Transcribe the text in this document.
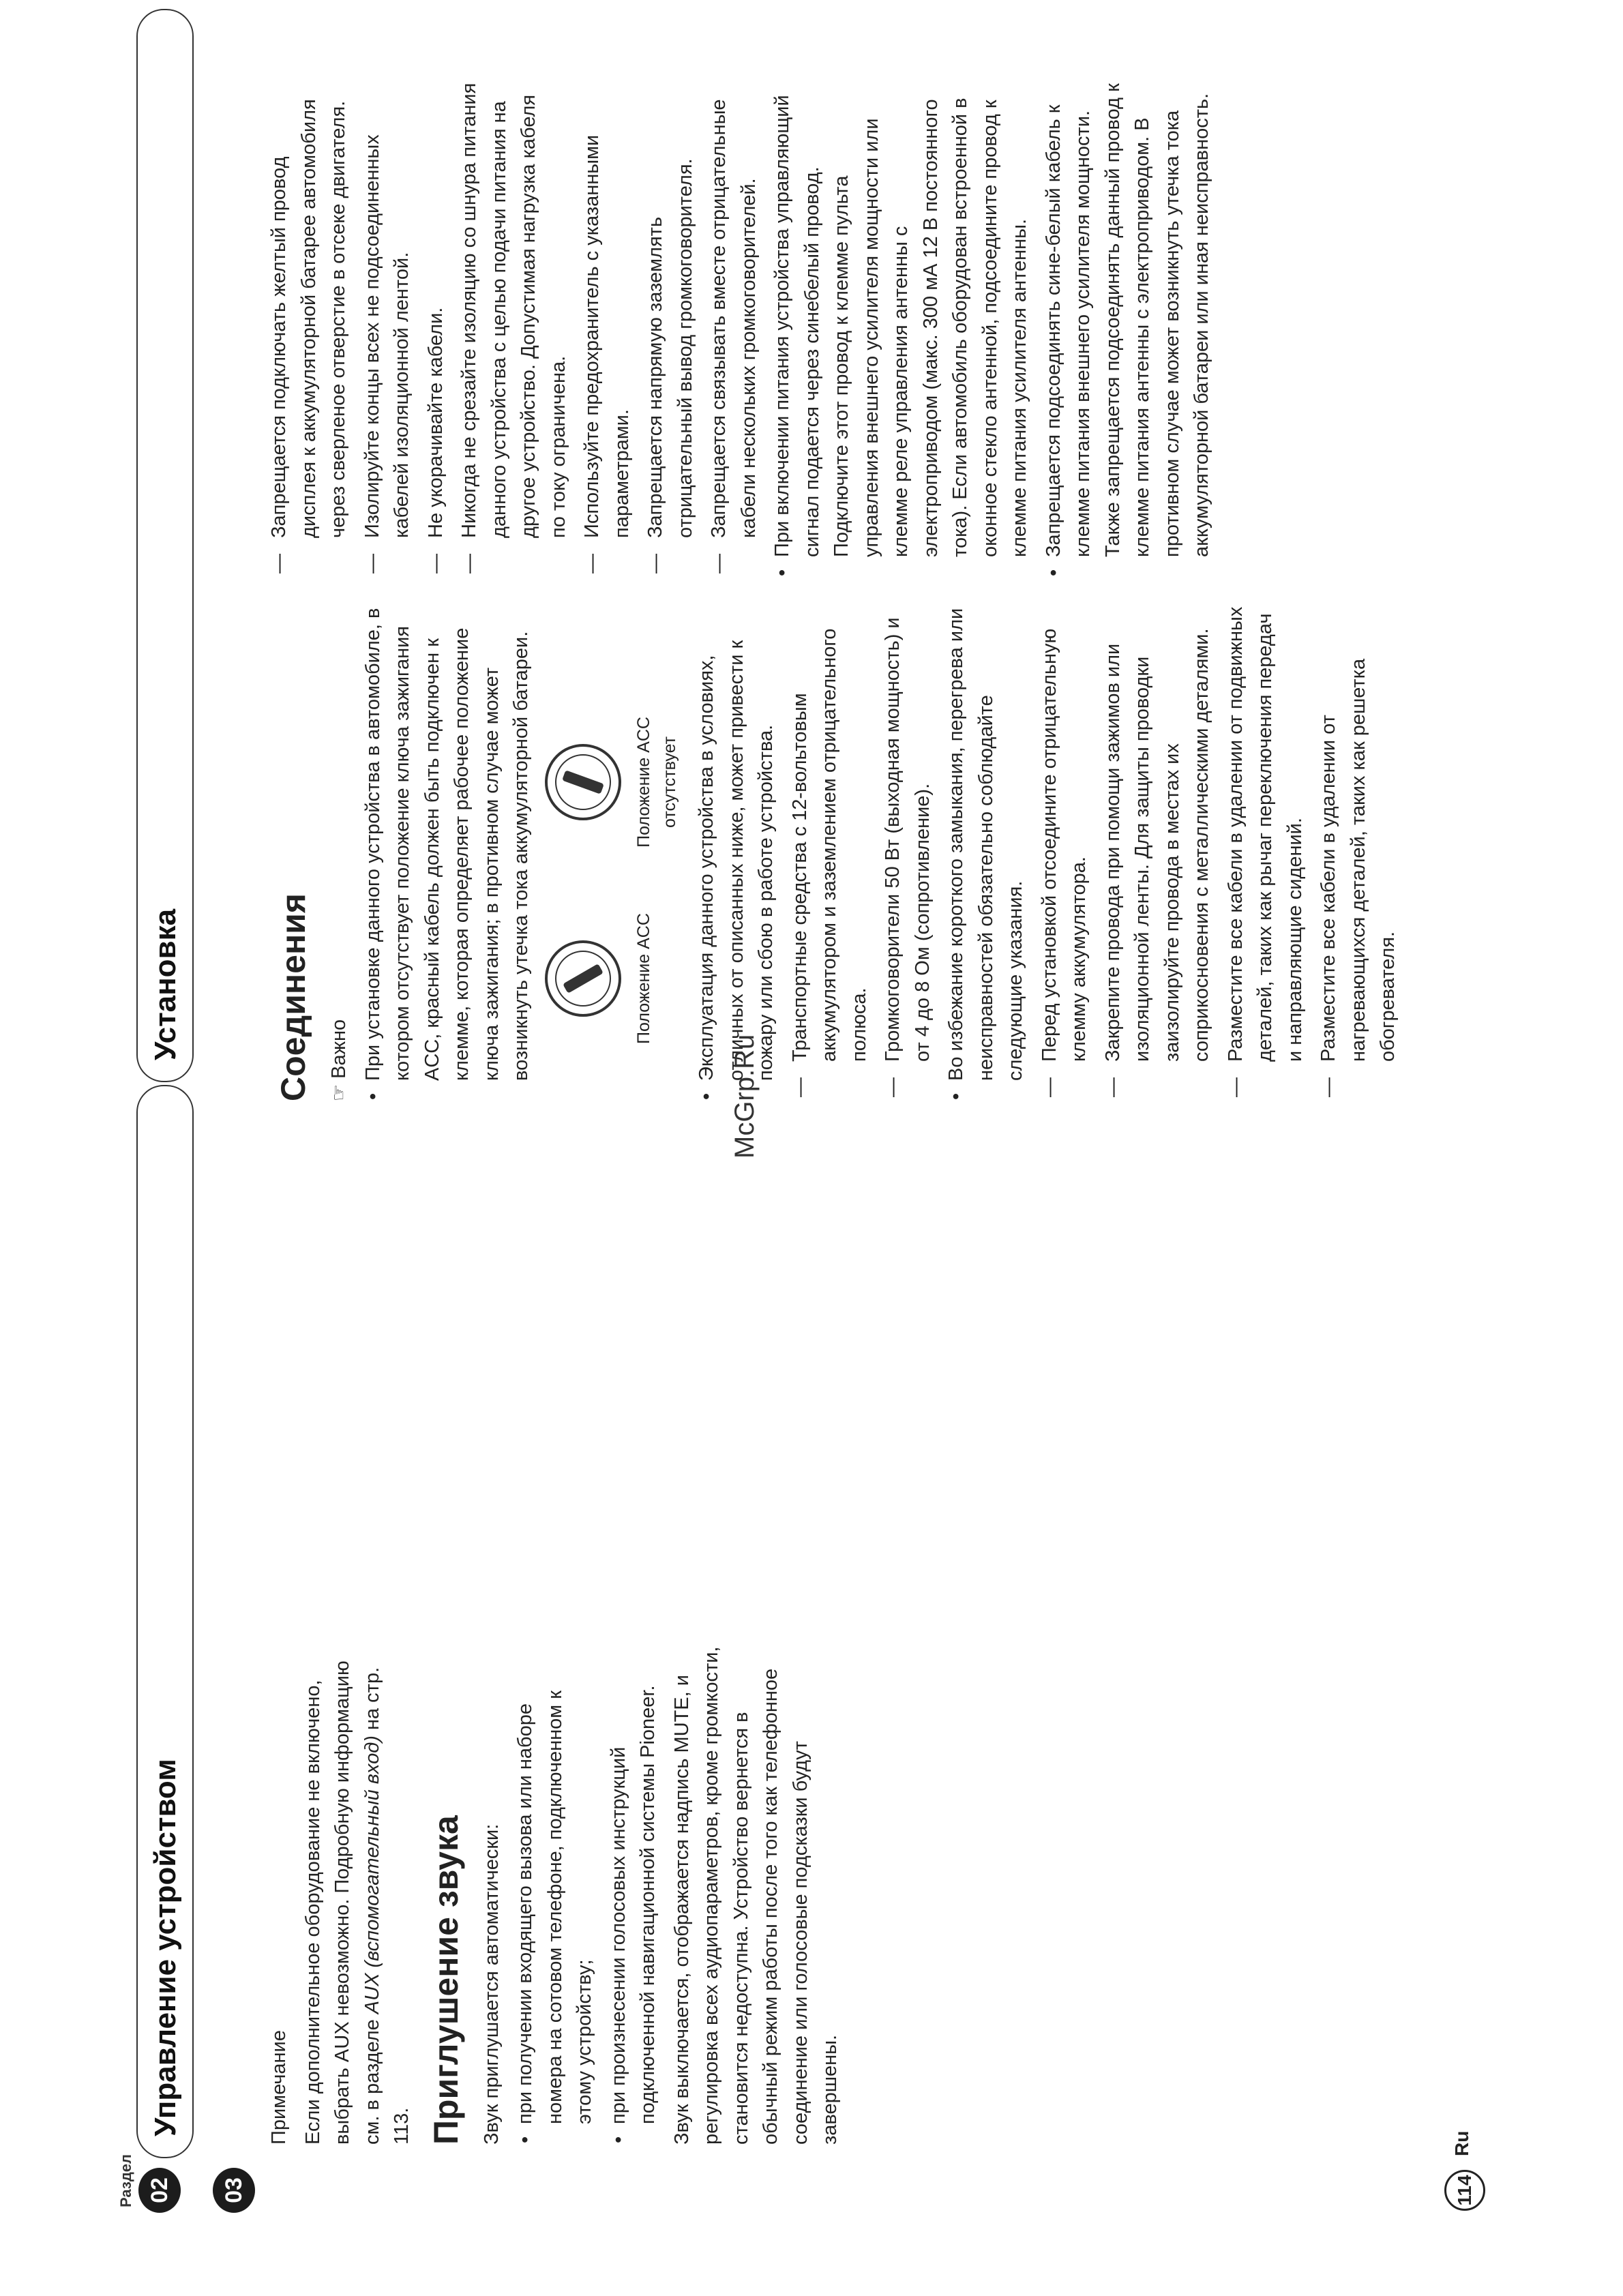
Раздел 02	03
Управление устройством
Установка

Примечание Если дополнительное оборудование не включено, выбрать AUX невозможно. Подробную информацию см. в разделе AUX (вспомогательный вход) на стр. 113. Приглушение звука Звук приглушается автоматически: • при получении входящего вызова или наборе номера на сотовом телефоне, подключенном к этому устройству; • при произнесении голосовых инструкций подключенной навигационной системы Pioneer. Звук выключается, отображается надпись MUTE, и регулировка всех аудиопараметров, кроме громкости, становится недоступна. Устройство вернется в обычный режим работы после того как телефонное соединение или голосовые подсказки будут завершены.

Соединения ☞Важно • При установке данного устройства в автомобиле, в котором отсутствует положение ключа зажигания ACC, красный кабель должен быть подключен к клемме, которая определяет рабочее положение ключа зажигания; в противном случае может возникнуть утечка тока аккумуляторной батареи.	Положение ACC

Положение ACC отсутствует • Эксплуатация данного устройства в условиях, отличных от описанных ниже, может привести к пожару или сбою в работе устройства. — Транспортные средства с 12-вольтовым аккумулятором и заземлением отрицательного полюса. — Громкоговорители 50 Вт (выходная мощность) и от 4 до 8 Ом (сопротивление). • Во избежание короткого замыкания, перегрева или неисправностей обязательно соблюдайте следующие указания. — Перед установкой отсоедините отрицательную клемму аккумулятора. — Закрепите провода при помощи зажимов или изоляционной ленты. Для защиты проводки заизолируйте провода в местах их соприкосновения с металлическими деталями. — Разместите все кабели в удалении от подвижных деталей, таких как рычаг переключения передач и направляющие сидений. — Разместите все кабели в удалении от нагревающихся деталей, таких как решетка обогревателя.

— Запрещается подключать желтый провод дисплея к аккумуляторной батарее автомобиля через сверленое отверстие в отсеке двигателя. — Изолируйте концы всех не подсоединенных кабелей изоляционной лентой. — Не укорачивайте кабели. — Никогда не срезайте изоляцию со шнура питания данного устройства с целью подачи питания на другое устройство. Допустимая нагрузка кабеля по току ограничена. — Используйте предохранитель с указанными параметрами. — Запрещается напрямую заземлять отрицательный вывод громкоговорителя. — Запрещается связывать вместе отрицательные кабели нескольких громкоговорителей. • При включении питания устройства управляющий сигнал подается через синебелый провод. Подключите этот провод к клемме пульта управления внешнего усилителя мощности или клемме реле управления антенны с электроприводом (макс. 300 мА 12 В постоянного тока). Если автомобиль оборудован встроенной в оконное стекло антенной, подсоедините провод к клемме питания усилителя антенны. • Запрещается подсоединять сине-белый кабель к клемме питания внешнего усилителя мощности. Также запрещается подсоединять данный провод к клемме питания антенны с электроприводом. В противном случае может возникнуть утечка тока аккумуляторной батареи или иная неисправность.

McGrp.Ru
114
Ru
